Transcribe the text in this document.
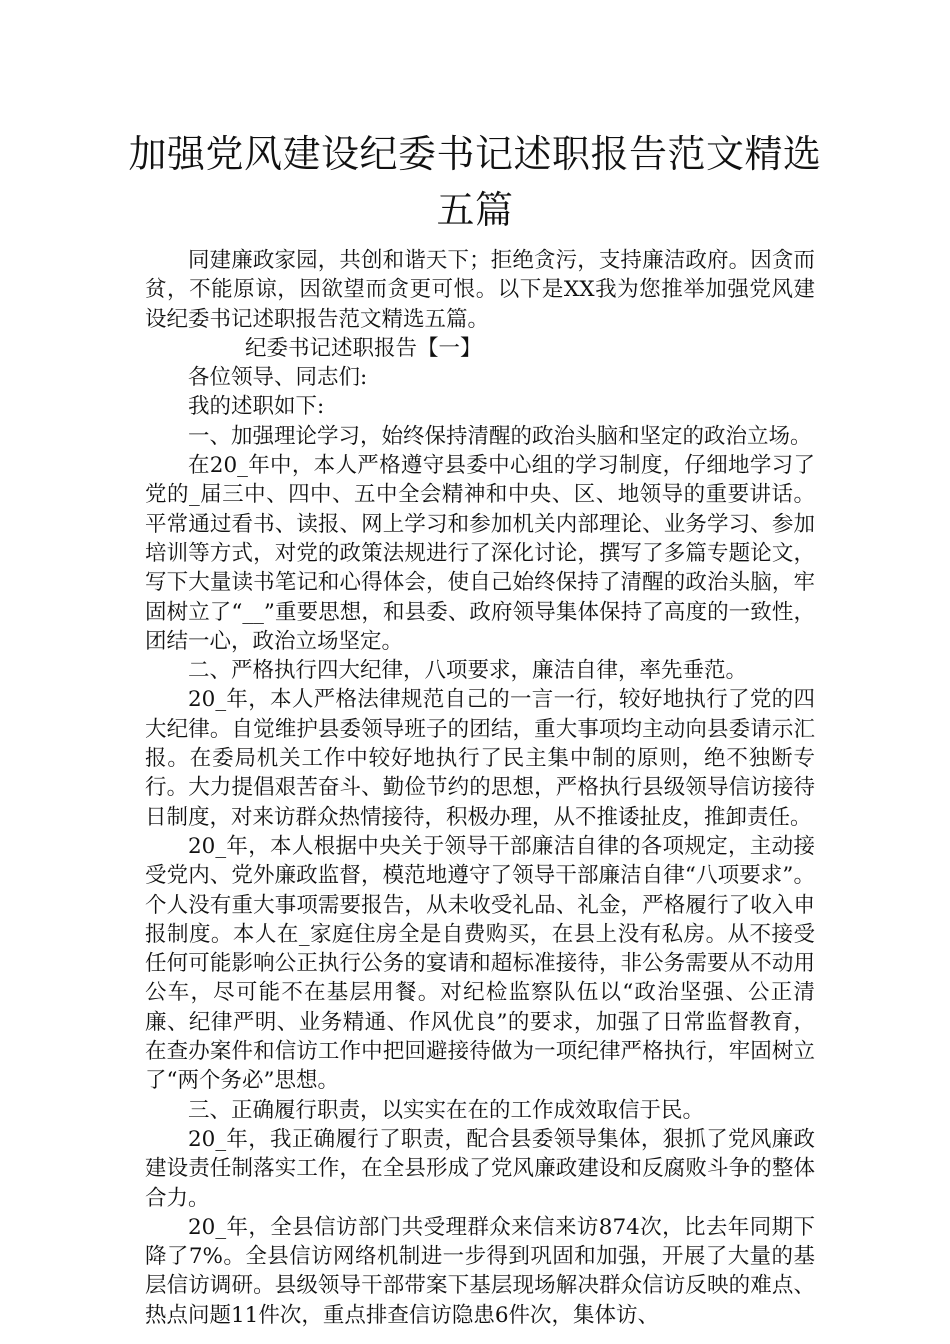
加强党风建设纪委书记述职报告范文精选
五篇

同建廉政家园，共创和谐天下；拒绝贪污，支持廉洁政府。因贪而贫，不能原谅，因欲望而贪更可恨。以下是XX我为您推举加强党风建设纪委书记述职报告范文精选五篇。

纪委书记述职报告【一】

各位领导、同志们:

我的述职如下:

一、加强理论学习，始终保持清醒的政治头脑和坚定的政治立场。

在20_年中，本人严格遵守县委中心组的学习制度，仔细地学习了党的_届三中、四中、五中全会精神和中央、区、地领导的重要讲话。平常通过看书、读报、网上学习和参加机关内部理论、业务学习、参加培训等方式，对党的政策法规进行了深化讨论，撰写了多篇专题论文，写下大量读书笔记和心得体会，使自己始终保持了清醒的政治头脑，牢固树立了“__”重要思想，和县委、政府领导集体保持了高度的一致性，团结一心，政治立场坚定。

二、严格执行四大纪律，八项要求，廉洁自律，率先垂范。

20_年，本人严格法律规范自己的一言一行，较好地执行了党的四大纪律。自觉维护县委领导班子的团结，重大事项均主动向县委请示汇报。在委局机关工作中较好地执行了民主集中制的原则，绝不独断专行。大力提倡艰苦奋斗、勤俭节约的思想，严格执行县级领导信访接待日制度，对来访群众热情接待，积极办理，从不推诿扯皮，推卸责任。

20_年，本人根据中央关于领导干部廉洁自律的各项规定，主动接受党内、党外廉政监督，模范地遵守了领导干部廉洁自律“八项要求”。个人没有重大事项需要报告，从未收受礼品、礼金，严格履行了收入申报制度。本人在_家庭住房全是自费购买，在县上没有私房。从不接受任何可能影响公正执行公务的宴请和超标准接待，非公务需要从不动用公车，尽可能不在基层用餐。对纪检监察队伍以“政治坚强、公正清廉、纪律严明、业务精通、作风优良”的要求，加强了日常监督教育，在查办案件和信访工作中把回避接待做为一项纪律严格执行，牢固树立了“两个务必”思想。

三、正确履行职责，以实实在在的工作成效取信于民。

20_年，我正确履行了职责，配合县委领导集体，狠抓了党风廉政建设责任制落实工作，在全县形成了党风廉政建设和反腐败斗争的整体合力。

20_年，全县信访部门共受理群众来信来访874次，比去年同期下降了7%。全县信访网络机制进一步得到巩固和加强，开展了大量的基层信访调研。县级领导干部带案下基层现场解决群众信访反映的难点、热点问题11件次，重点排查信访隐患6件次，集体访、
